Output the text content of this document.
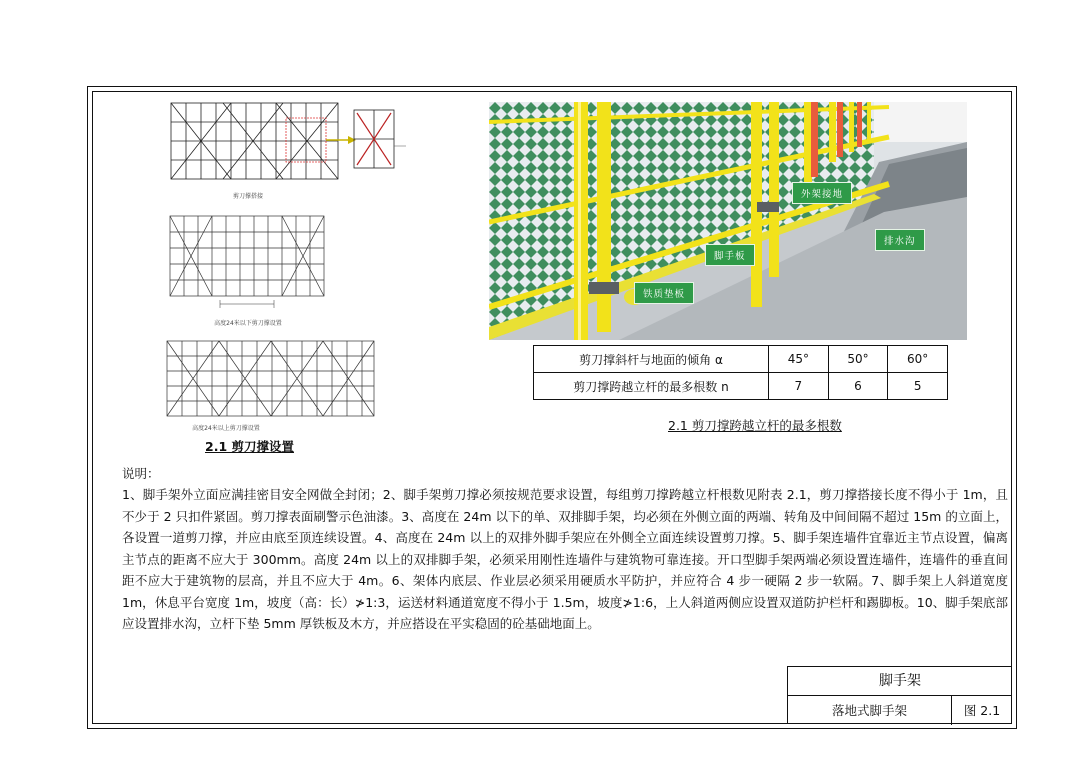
剪刀撑搭接
高度24米以下剪刀撑设置
高度24米以上剪刀撑设置
2.1 剪刀撑设置
外架接地
排水沟
脚手板
铁质垫板
剪刀撑斜杆与地面的倾角 α	45°	50°	60°
剪刀撑跨越立杆的最多根数 n	7	6	5
2.1 剪刀撑跨越立杆的最多根数
说明：
1、脚手架外立面应满挂密目安全网做全封闭；2、脚手架剪刀撑必须按规范要求设置，每组剪刀撑跨越立杆根数见附表 2.1，剪刀撑搭接长度不得小于 1m，且不少于 2 只扣件紧固。剪刀撑表面刷警示色油漆。3、高度在 24m 以下的单、双排脚手架，均必须在外侧立面的两端、转角及中间间隔不超过 15m 的立面上，各设置一道剪刀撑，并应由底至顶连续设置。4、高度在 24m 以上的双排外脚手架应在外侧全立面连续设置剪刀撑。5、脚手架连墙件宜靠近主节点设置，偏离主节点的距离不应大于 300mm。高度 24m 以上的双排脚手架，必须采用刚性连墙件与建筑物可靠连接。开口型脚手架两端必须设置连墙件，连墙件的垂直间距不应大于建筑物的层高，并且不应大于 4m。6、架体内底层、作业层必须采用硬质水平防护，并应符合 4 步一硬隔 2 步一软隔。7、脚手架上人斜道宽度 1m，休息平台宽度 1m，坡度（高：长）≯1:3，运送材料通道宽度不得小于 1.5m，坡度≯1:6，上人斜道两侧应设置双道防护栏杆和踢脚板。10、脚手架底部应设置排水沟，立杆下垫 5mm 厚铁板及木方，并应搭设在平实稳固的砼基础地面上。
脚手架
落地式脚手架	图 2.1
